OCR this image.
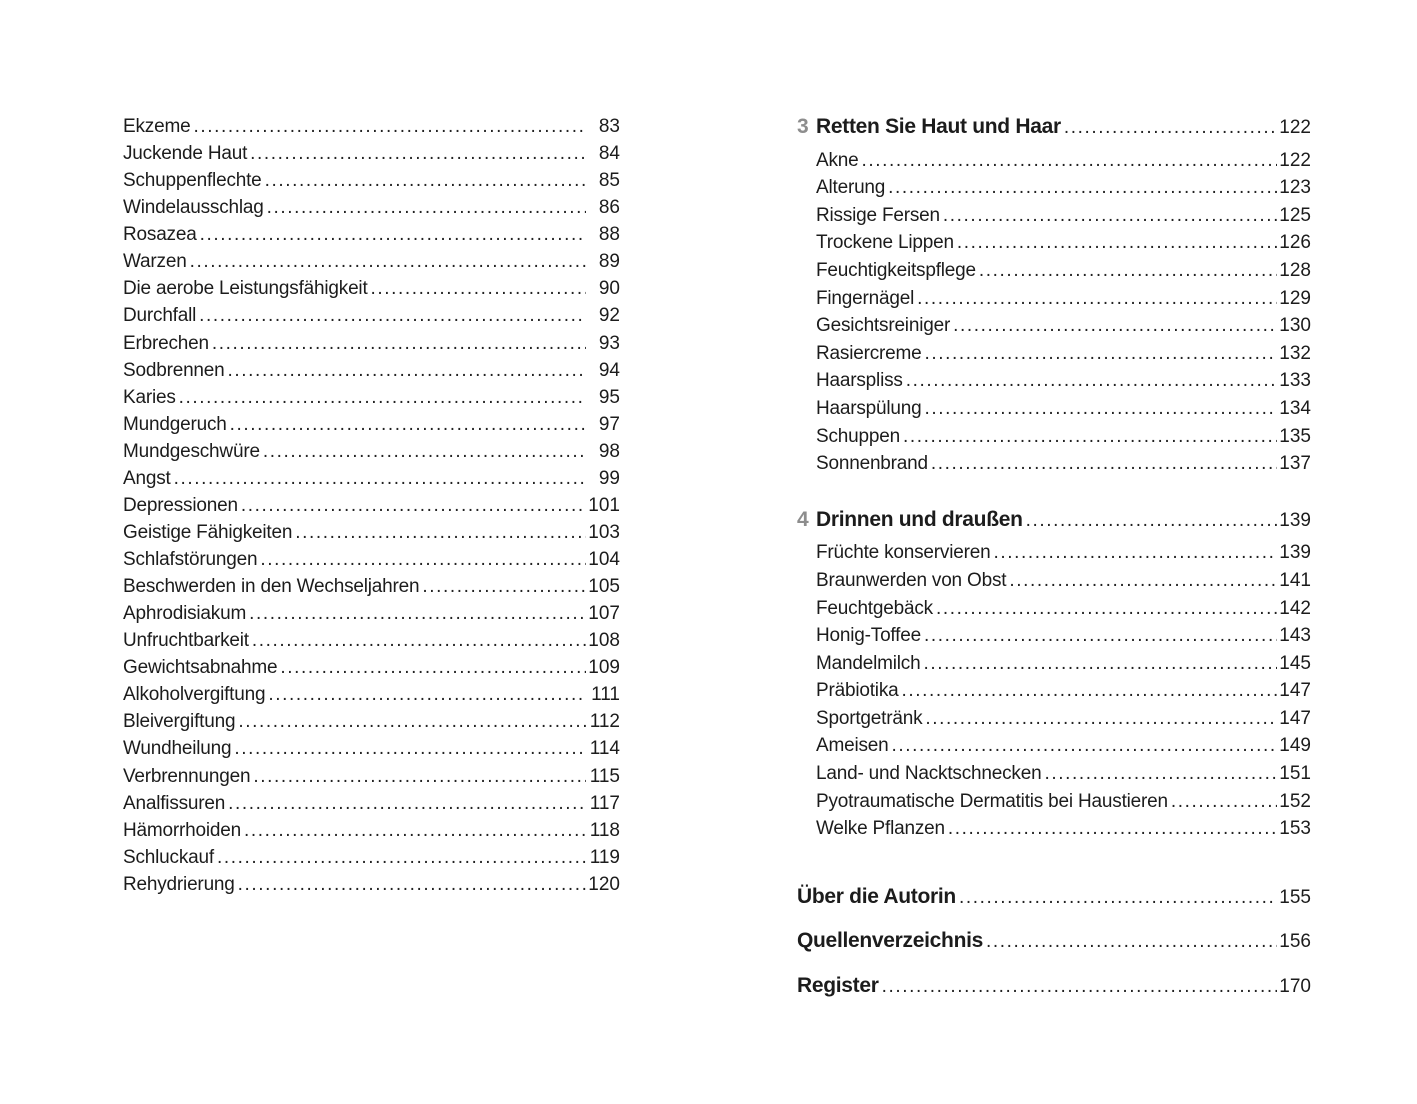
Ekzeme .....	83
Juckende Haut .....	84
Schuppenflechte .....	85
Windelausschlag .....	86
Rosazea .....	88
Warzen .....	89
Die aerobe Leistungsfähigkeit .....	90
Durchfall .....	92
Erbrechen .....	93
Sodbrennen .....	94
Karies .....	95
Mundgeruch .....	97
Mundgeschwüre .....	98
Angst .....	99
Depressionen .....	101
Geistige Fähigkeiten .....	103
Schlafstörungen .....	104
Beschwerden in den Wechseljahren .....	105
Aphrodisiakum .....	107
Unfruchtbarkeit .....	108
Gewichtsabnahme .....	109
Alkoholvergiftung .....	111
Bleivergiftung .....	112
Wundheilung .....	114
Verbrennungen .....	115
Analfissuren .....	117
Hämorrhoiden .....	118
Schluckauf .....	119
Rehydrierung .....	120
3 Retten Sie Haut und Haar .....	122
Akne .....	122
Alterung .....	123
Rissige Fersen .....	125
Trockene Lippen .....	126
Feuchtigkeitspflege .....	128
Fingernägel .....	129
Gesichtsreiniger .....	130
Rasiercreme .....	132
Haarspliss .....	133
Haarspülung .....	134
Schuppen .....	135
Sonnenbrand .....	137
4 Drinnen und draußen .....	139
Früchte konservieren .....	139
Braunwerden von Obst .....	141
Feuchtgebäck .....	142
Honig-Toffee .....	143
Mandelmilch .....	145
Präbiotika .....	147
Sportgetränk .....	147
Ameisen .....	149
Land- und Nacktschnecken .....	151
Pyotraumatische Dermatitis bei Haustieren .....	152
Welke Pflanzen .....	153
Über die Autorin .....	155
Quellenverzeichnis .....	156
Register .....	170
